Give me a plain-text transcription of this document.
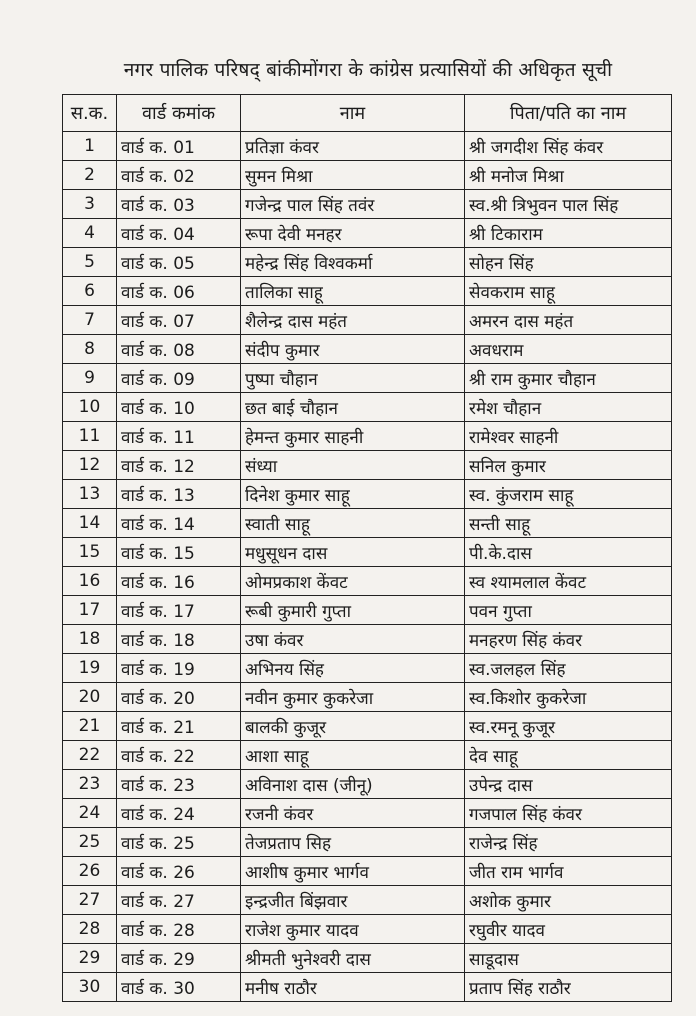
नगर पालिक परिषद् बांकीमोंगरा के कांग्रेस प्रत्यासियों की अधिकृत सूची
स.क.	वार्ड कमांक	नाम	पिता/पति का नाम
1	वार्ड क. 01	प्रतिज्ञा कंवर	श्री जगदीश सिंह कंवर
2	वार्ड क. 02	सुमन मिश्रा	श्री मनोज मिश्रा
3	वार्ड क. 03	गजेन्द्र पाल सिंह तवंर	स्व.श्री त्रिभुवन पाल सिंह
4	वार्ड क. 04	रूपा देवी मनहर	श्री टिकाराम
5	वार्ड क. 05	महेन्द्र सिंह विश्वकर्मा	सोहन सिंह
6	वार्ड क. 06	तालिका साहू	सेवकराम साहू
7	वार्ड क. 07	शैलेन्द्र दास महंत	अमरन दास महंत
8	वार्ड क. 08	संदीप कुमार	अवधराम
9	वार्ड क. 09	पुष्पा चौहान	श्री राम कुमार चौहान
10	वार्ड क. 10	छत बाई चौहान	रमेश चौहान
11	वार्ड क. 11	हेमन्त कुमार साहनी	रामेश्वर साहनी
12	वार्ड क. 12	संध्या	सनिल कुमार
13	वार्ड क. 13	दिनेश कुमार साहू	स्व. कुंजराम साहू
14	वार्ड क. 14	स्वाती साहू	सन्ती साहू
15	वार्ड क. 15	मधुसूधन दास	पी.के.दास
16	वार्ड क. 16	ओमप्रकाश केंवट	स्व श्यामलाल केंवट
17	वार्ड क. 17	रूबी कुमारी गुप्ता	पवन गुप्ता
18	वार्ड क. 18	उषा कंवर	मनहरण सिंह कंवर
19	वार्ड क. 19	अभिनय सिंह	स्व.जलहल सिंह
20	वार्ड क. 20	नवीन कुमार कुकरेजा	स्व.किशोर कुकरेजा
21	वार्ड क. 21	बालकी कुजूर	स्व.रमनू कुजूर
22	वार्ड क. 22	आशा साहू	देव साहू
23	वार्ड क. 23	अविनाश दास (जीनू)	उपेन्द्र दास
24	वार्ड क. 24	रजनी कंवर	गजपाल सिंह कंवर
25	वार्ड क. 25	तेजप्रताप सिह	राजेन्द्र सिंह
26	वार्ड क. 26	आशीष कुमार भार्गव	जीत राम भार्गव
27	वार्ड क. 27	इन्द्रजीत बिंझवार	अशोक कुमार
28	वार्ड क. 28	राजेश कुमार यादव	रघुवीर यादव
29	वार्ड क. 29	श्रीमती भुनेश्वरी दास	साडूदास
30	वार्ड क. 30	मनीष राठौर	प्रताप सिंह राठौर
